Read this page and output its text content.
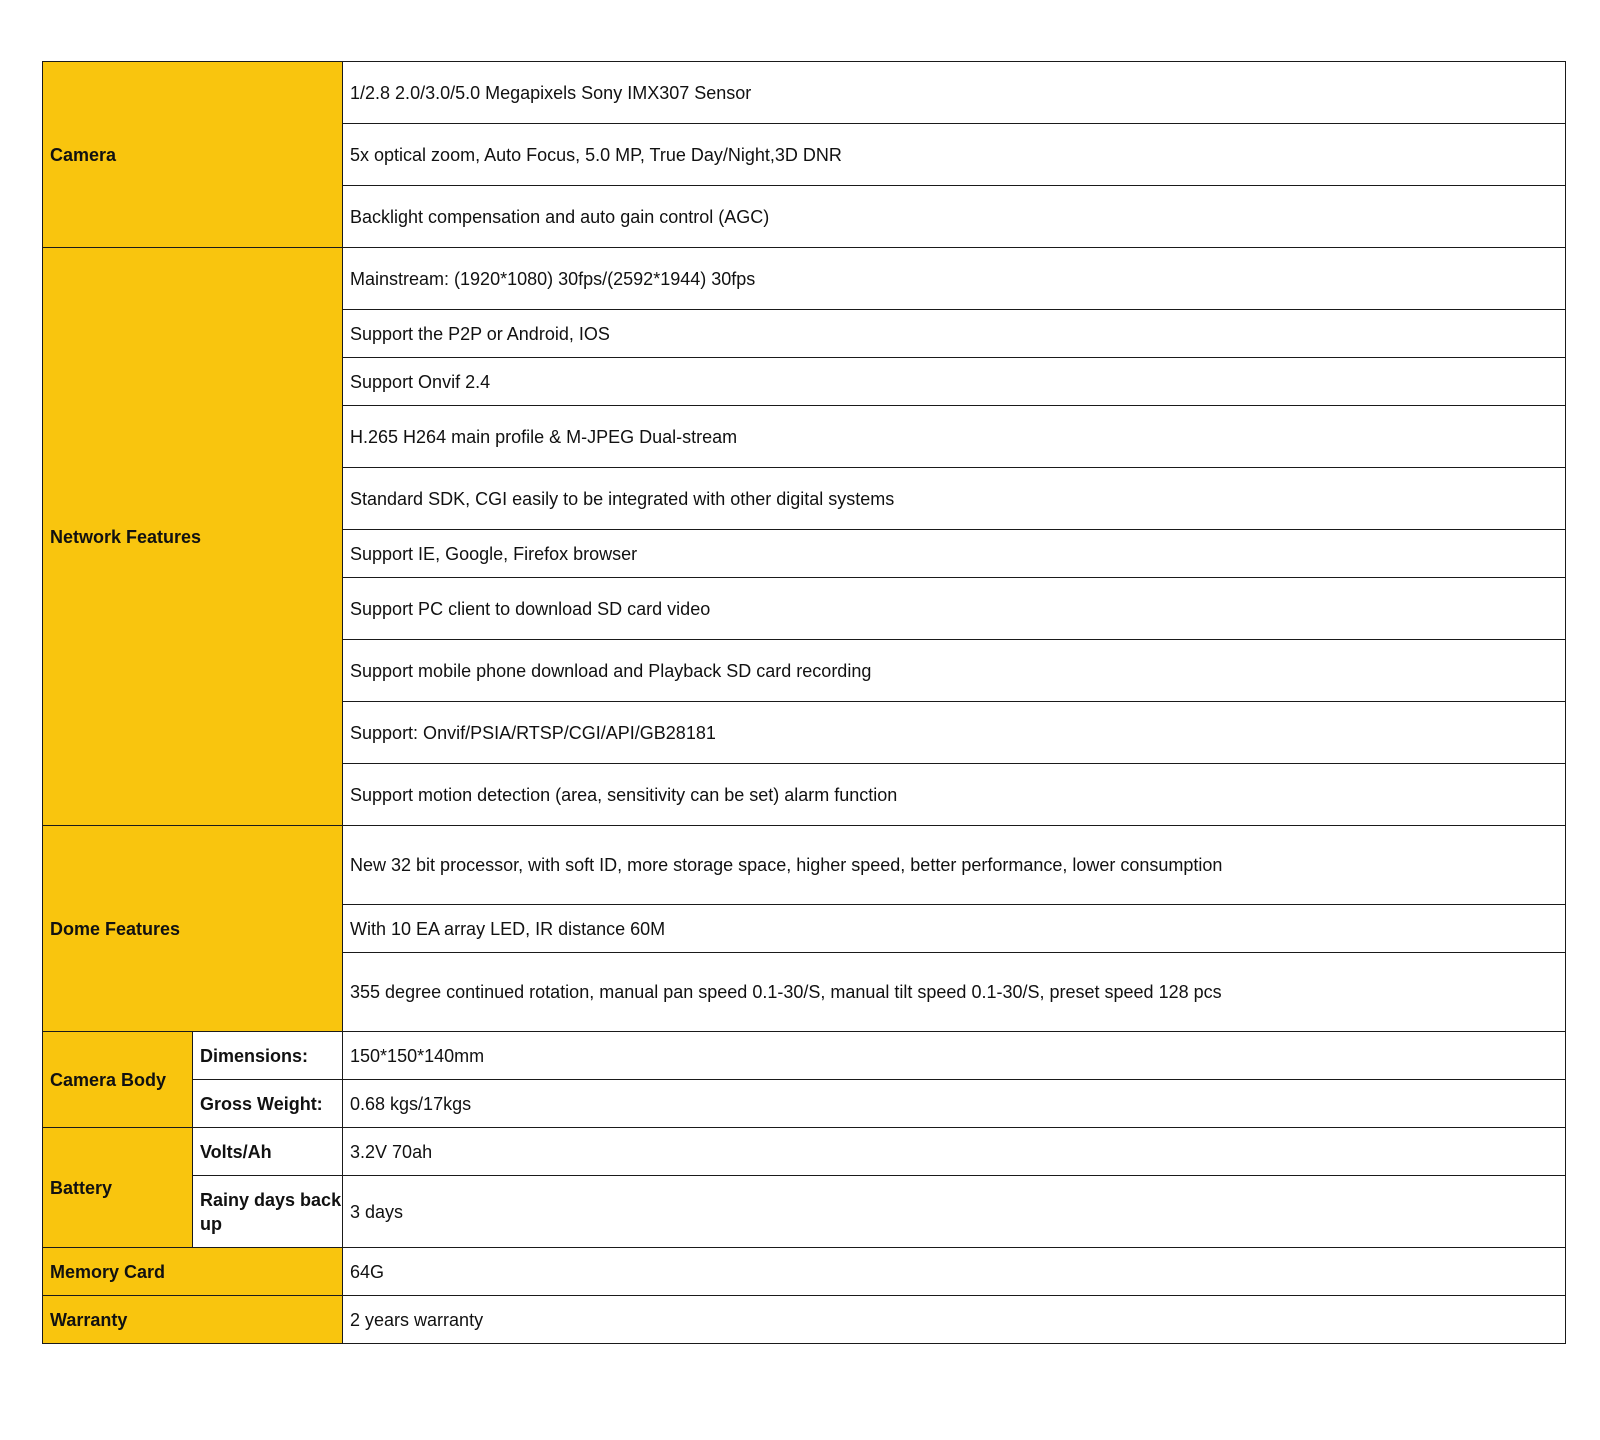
Camera		1/2.8 2.0/3.0/5.0 Megapixels Sony IMX307 Sensor
		5x optical zoom, Auto Focus, 5.0 MP, True Day/Night,3D DNR
		Backlight compensation and auto gain control (AGC)
Network Features		Mainstream: (1920*1080) 30fps/(2592*1944) 30fps
		Support the P2P or Android, IOS
		Support Onvif 2.4
		H.265 H264 main profile & M-JPEG Dual-stream
		Standard SDK, CGI easily to be integrated with other digital systems
		Support IE, Google, Firefox browser
		Support PC client to download SD card video
		Support mobile phone download and Playback SD card recording
		Support: Onvif/PSIA/RTSP/CGI/API/GB28181
		Support motion detection (area, sensitivity can be set) alarm function
Dome Features		New 32 bit processor, with soft ID, more storage space, higher speed, better performance, lower consumption
		With 10 EA array LED, IR distance 60M
		355 degree continued rotation, manual pan speed 0.1-30/S, manual tilt speed 0.1-30/S, preset speed 128 pcs
Camera Body	Dimensions:	150*150*140mm
	Gross Weight:	0.68 kgs/17kgs
Battery	Volts/Ah	3.2V 70ah
	Rainy days back up	3 days
Memory Card		64G
Warranty		2 years warranty
